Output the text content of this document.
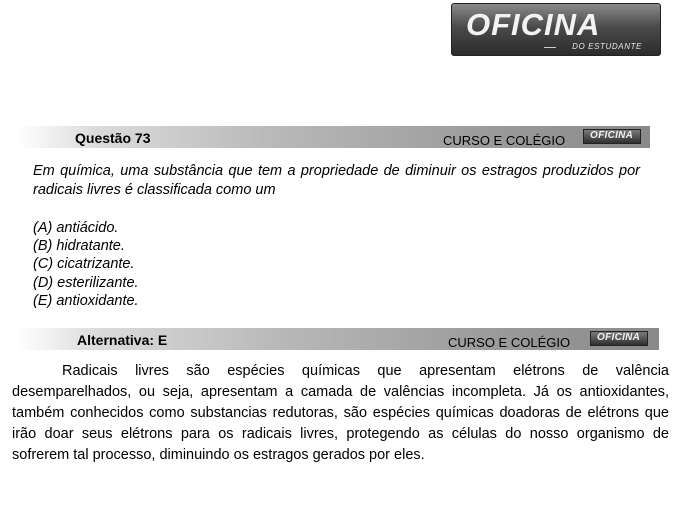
OFICINA
DO ESTUDANTE
Questão 73	CURSO E COLÉGIO OFICINA
Em química, uma substância que tem a propriedade de diminuir os estragos produzidos por radicais livres é classificada como um
(A) antiácido.
(B) hidratante.
(C) cicatrizante.
(D) esterilizante.
(E) antioxidante.
Alternativa: E	CURSO E COLÉGIO	OFICINA
Radicais livres são espécies químicas que apresentam elétrons de valência desemparelhados, ou seja, apresentam a camada de valências incompleta. Já os antioxidantes, também conhecidos como substancias redutoras, são espécies químicas doadoras de elétrons que irão doar seus elétrons para os radicais livres, protegendo as células do nosso organismo de sofrerem tal processo, diminuindo os estragos gerados por eles.
